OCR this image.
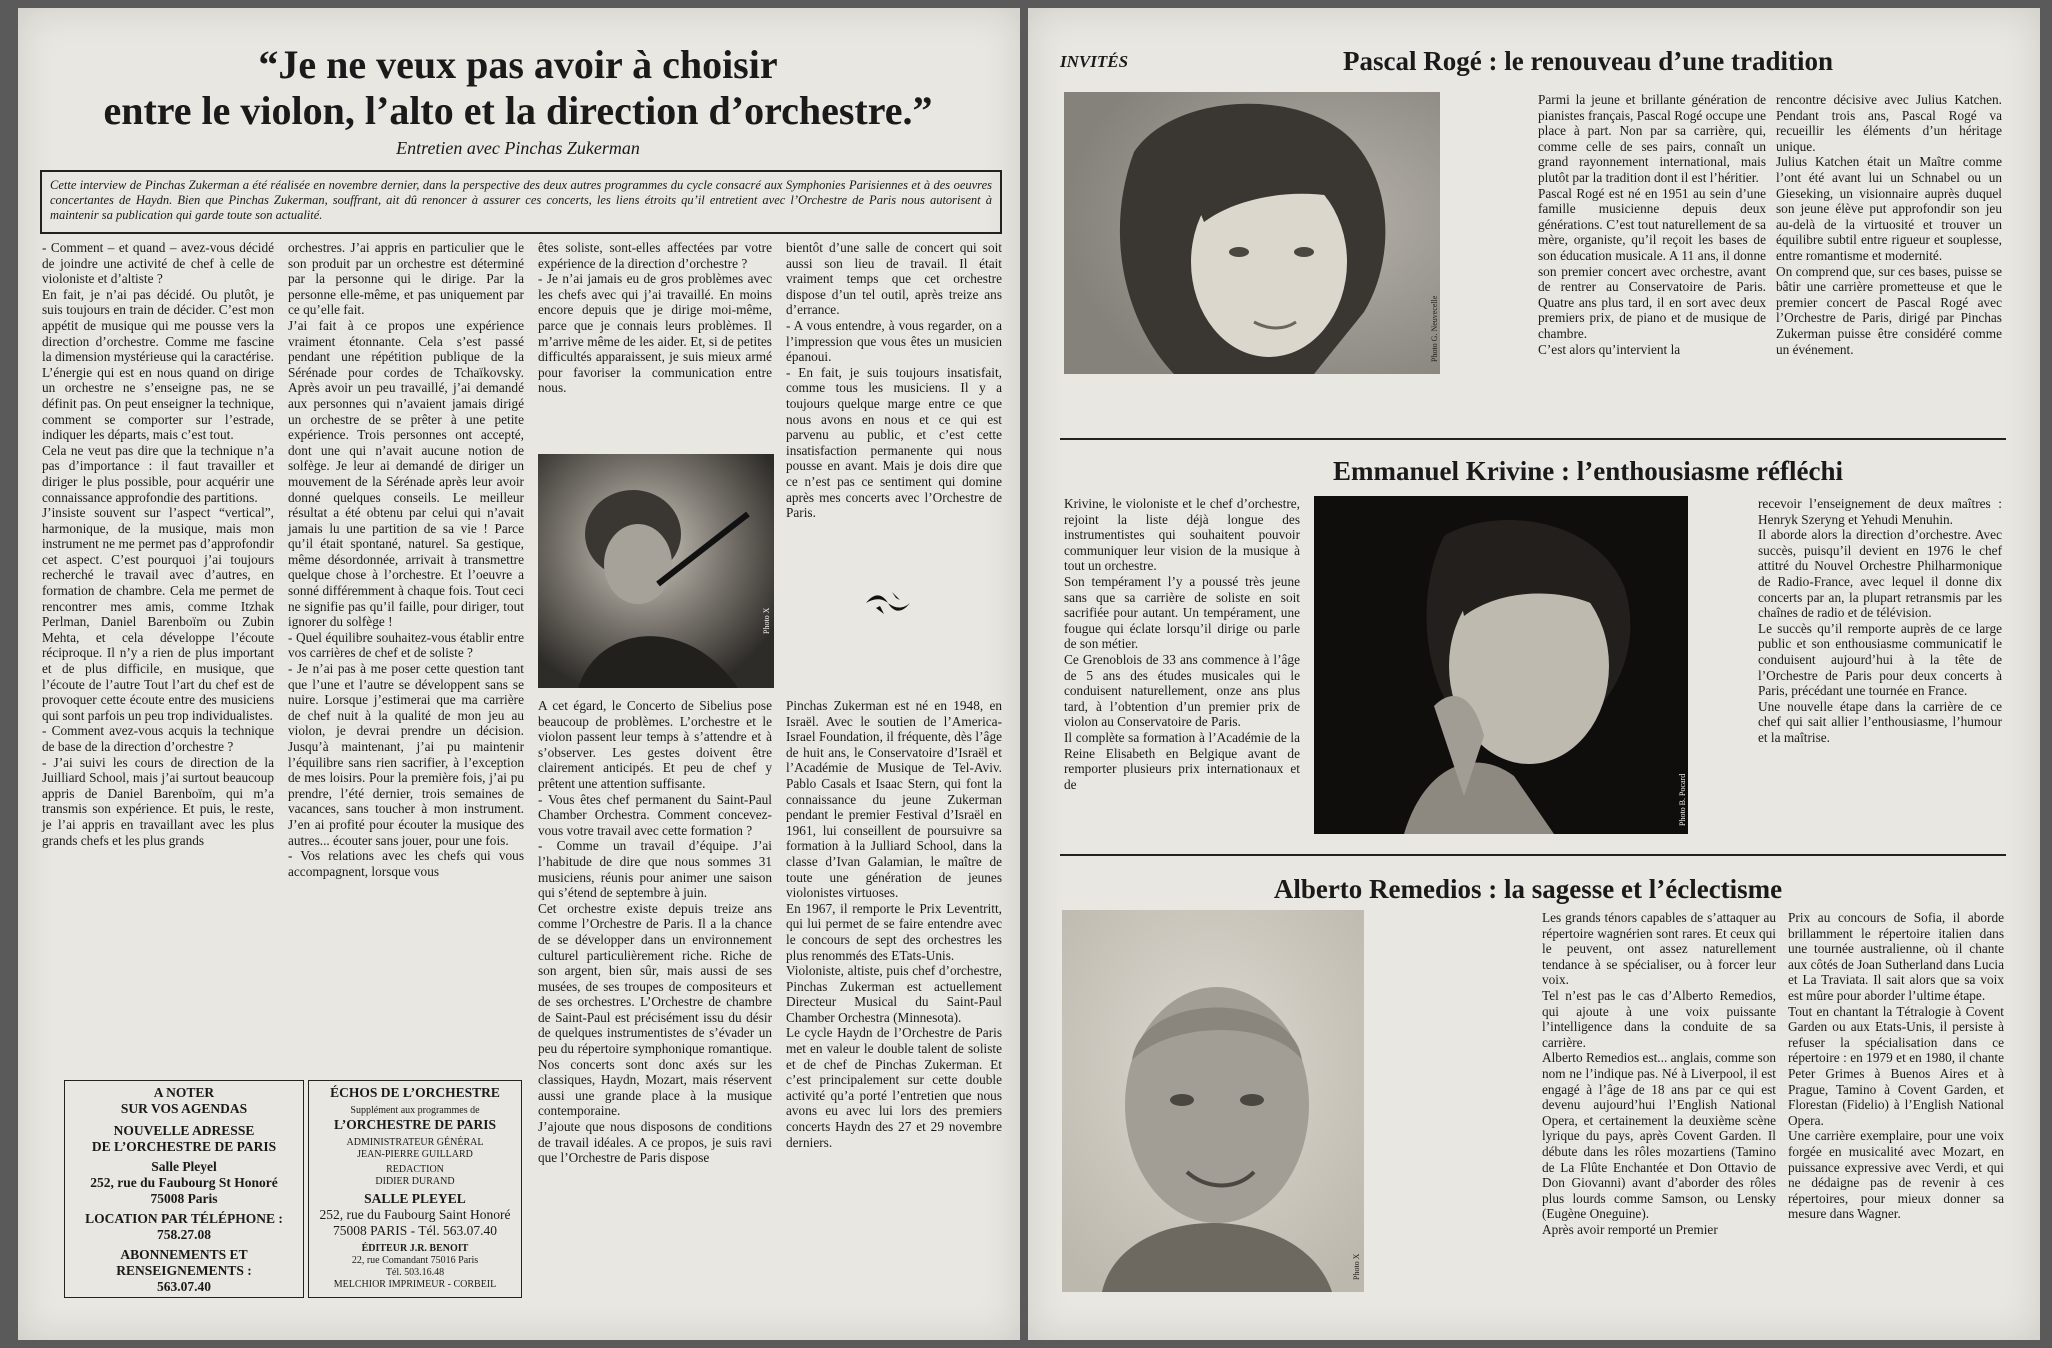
“Je ne veux pas avoir à choisir
entre le violon, l’alto et la direction d’orchestre.”
Entretien avec Pinchas Zukerman
Cette interview de Pinchas Zukerman a été réalisée en novembre dernier, dans la perspective des deux autres programmes du cycle consacré aux Symphonies Parisiennes et à des oeuvres concertantes de Haydn. Bien que Pinchas Zukerman, souffrant, ait dû renoncer à assurer ces concerts, les liens étroits qu’il entretient avec l’Orchestre de Paris nous autorisent à maintenir sa publication qui garde toute son actualité.

- Comment – et quand – avez-vous décidé de joindre une activité de chef à celle de violoniste et d’altiste ?

En fait, je n’ai pas décidé. Ou plutôt, je suis toujours en train de décider. C’est mon appétit de musique qui me pousse vers la direction d’orchestre. Comme me fascine la dimension mystérieuse qui la caractérise. L’énergie qui est en nous quand on dirige un orchestre ne s’enseigne pas, ne se définit pas. On peut enseigner la technique, comment se comporter sur l’estrade, indiquer les départs, mais c’est tout.

Cela ne veut pas dire que la technique n’a pas d’importance : il faut travailler et diriger le plus possible, pour acquérir une connaissance approfondie des partitions.

J’insiste souvent sur l’aspect “vertical”, harmonique, de la musique, mais mon instrument ne me permet pas d’approfondir cet aspect. C’est pourquoi j’ai toujours recherché le travail avec d’autres, en formation de chambre. Cela me permet de rencontrer mes amis, comme Itzhak Perlman, Daniel Barenboïm ou Zubin Mehta, et cela développe l’écoute réciproque. Il n’y a rien de plus important et de plus difficile, en musique, que l’écoute de l’autre Tout l’art du chef est de provoquer cette écoute entre des musiciens qui sont parfois un peu trop individualistes.

- Comment avez-vous acquis la technique de base de la direction d’orchestre ?

- J’ai suivi les cours de direction de la Juilliard School, mais j’ai surtout beaucoup appris de Daniel Barenboïm, qui m’a transmis son expérience. Et puis, le reste, je l’ai appris en travaillant avec les plus grands chefs et les plus grands

orchestres. J’ai appris en particulier que le son produit par un orchestre est déterminé par la personne qui le dirige. Par la personne elle-même, et pas uniquement par ce qu’elle fait.

J’ai fait à ce propos une expérience vraiment étonnante. Cela s’est passé pendant une répétition publique de la Sérénade pour cordes de Tchaïkovsky. Après avoir un peu travaillé, j’ai demandé aux personnes qui n’avaient jamais dirigé un orchestre de se prêter à une petite expérience. Trois personnes ont accepté, dont une qui n’avait aucune notion de solfège. Je leur ai demandé de diriger un mouvement de la Sérénade après leur avoir donné quelques conseils. Le meilleur résultat a été obtenu par celui qui n’avait jamais lu une partition de sa vie ! Parce qu’il était spontané, naturel. Sa gestique, même désordonnée, arrivait à transmettre quelque chose à l’orchestre. Et l’oeuvre a sonné différemment à chaque fois. Tout ceci ne signifie pas qu’il faille, pour diriger, tout ignorer du solfège !

- Quel équilibre souhaitez-vous établir entre vos carrières de chef et de soliste ?

- Je n’ai pas à me poser cette question tant que l’une et l’autre se développent sans se nuire. Lorsque j’estimerai que ma carrière de chef nuit à la qualité de mon jeu au violon, je devrai prendre un décision. Jusqu’à maintenant, j’ai pu maintenir l’équilibre sans rien sacrifier, à l’exception de mes loisirs. Pour la première fois, j’ai pu prendre, l’été dernier, trois semaines de vacances, sans toucher à mon instrument. J’en ai profité pour écouter la musique des autres... écouter sans jouer, pour une fois.

- Vos relations avec les chefs qui vous accompagnent, lorsque vous

êtes soliste, sont-elles affectées par votre expérience de la direction d’orchestre ?

- Je n’ai jamais eu de gros problèmes avec les chefs avec qui j’ai travaillé. En moins encore depuis que je dirige moi-même, parce que je connais leurs problèmes. Il m’arrive même de les aider. Et, si de petites difficultés apparaissent, je suis mieux armé pour favoriser la communication entre nous.

Photo X

A cet égard, le Concerto de Sibelius pose beaucoup de problèmes. L’orchestre et le violon passent leur temps à s’attendre et à s’observer. Les gestes doivent être clairement anticipés. Et peu de chef y prêtent une attention suffisante.

- Vous êtes chef permanent du Saint-Paul Chamber Orchestra. Comment concevez-vous votre travail avec cette formation ?

- Comme un travail d’équipe. J’ai l’habitude de dire que nous sommes 31 musiciens, réunis pour animer une saison qui s’étend de septembre à juin.

Cet orchestre existe depuis treize ans comme l’Orchestre de Paris. Il a la chance de se développer dans un environnement culturel particulièrement riche. Riche de son argent, bien sûr, mais aussi de ses musées, de ses troupes de compositeurs et de ses orchestres. L’Orchestre de chambre de Saint-Paul est précisément issu du désir de quelques instrumentistes de s’évader un peu du répertoire symphonique romantique. Nos concerts sont donc axés sur les classiques, Haydn, Mozart, mais réservent aussi une grande place à la musique contemporaine.

J’ajoute que nous disposons de conditions de travail idéales. A ce propos, je suis ravi que l’Orchestre de Paris dispose

bientôt d’une salle de concert qui soit aussi son lieu de travail. Il était vraiment temps que cet orchestre dispose d’un tel outil, après treize ans d’errance.

- A vous entendre, à vous regarder, on a l’impression que vous êtes un musicien épanoui.

- En fait, je suis toujours insatisfait, comme tous les musiciens. Il y a toujours quelque marge entre ce que nous avons en nous et ce qui est parvenu au public, et c’est cette insatisfaction permanente qui nous pousse en avant. Mais je dois dire que ce n’est pas ce sentiment qui domine après mes concerts avec l’Orchestre de Paris.

Pinchas Zukerman est né en 1948, en Israël. Avec le soutien de l’America-Israel Foundation, il fréquente, dès l’âge de huit ans, le Conservatoire d’Israël et l’Académie de Musique de Tel-Aviv. Pablo Casals et Isaac Stern, qui font la connaissance du jeune Zukerman pendant le premier Festival d’Israël en 1961, lui conseillent de poursuivre sa formation à la Julliard School, dans la classe d’Ivan Galamian, le maître de toute une génération de jeunes violonistes virtuoses.

En 1967, il remporte le Prix Leventritt, qui lui permet de se faire entendre avec le concours de sept des orchestres les plus renommés des ETats-Unis.

Violoniste, altiste, puis chef d’orchestre, Pinchas Zukerman est actuellement Directeur Musical du Saint-Paul Chamber Orchestra (Minnesota).

Le cycle Haydn de l’Orchestre de Paris met en valeur le double talent de soliste et de chef de Pinchas Zukerman. Et c’est principalement sur cette double activité qu’a porté l’entretien que nous avons eu avec lui lors des premiers concerts Haydn des 27 et 29 novembre derniers.

A NOTER
SUR VOS AGENDAS
NOUVELLE ADRESSE
DE L’ORCHESTRE DE PARIS
Salle Pleyel
252, rue du Faubourg St Honoré
75008 Paris
LOCATION PAR TÉLÉPHONE :
758.27.08
ABONNEMENTS ET
RENSEIGNEMENTS :
563.07.40
ÉCHOS DE L’ORCHESTRE
Supplément aux programmes de
L’ORCHESTRE DE PARIS
ADMINISTRATEUR GÉNÉRAL
JEAN-PIERRE GUILLARD
REDACTION
DIDIER DURAND
SALLE PLEYEL
252, rue du Faubourg Saint Honoré
75008 PARIS - Tél. 563.07.40
ÉDITEUR J.R. BENOIT
22, rue Comandant 75016 Paris
Tél. 503.16.48
MELCHIOR IMPRIMEUR - CORBEIL
INVITÉS	Pascal Rogé : le renouveau d’une tradition
Photo G. Neuvecelle

Parmi la jeune et brillante génération de pianistes français, Pascal Rogé occupe une place à part. Non par sa carrière, qui, comme celle de ses pairs, connaît un grand rayonnement international, mais plutôt par la tradition dont il est l’héritier.

Pascal Rogé est né en 1951 au sein d’une famille musicienne depuis deux générations. C’est tout naturellement de sa mère, organiste, qu’il reçoit les bases de son éducation musicale. A 11 ans, il donne son premier concert avec orchestre, avant de rentrer au Conservatoire de Paris. Quatre ans plus tard, il en sort avec deux premiers prix, de piano et de musique de chambre.

C’est alors qu’intervient la

rencontre décisive avec Julius Katchen. Pendant trois ans, Pascal Rogé va recueillir les éléments d’un héritage unique.

Julius Katchen était un Maître comme l’ont été avant lui un Schnabel ou un Gieseking, un visionnaire auprès duquel son jeune élève put approfondir son jeu au-delà de la virtuosité et trouver un équilibre subtil entre rigueur et souplesse, entre romantisme et modernité.

On comprend que, sur ces bases, puisse se bâtir une carrière prometteuse et que le premier concert de Pascal Rogé avec l’Orchestre de Paris, dirigé par Pinchas Zukerman puisse être considéré comme un événement.

Emmanuel Krivine : l’enthousiasme réfléchi

Krivine, le violoniste et le chef d’orchestre, rejoint la liste déjà longue des instrumentistes qui souhaitent pouvoir communiquer leur vision de la musique à tout un orchestre.

Son tempérament l’y a poussé très jeune sans que sa carrière de soliste en soit sacrifiée pour autant. Un tempérament, une fougue qui éclate lorsqu’il dirige ou parle de son métier.

Ce Grenoblois de 33 ans commence à l’âge de 5 ans des études musicales qui le conduisent naturellement, onze ans plus tard, à l’obtention d’un premier prix de violon au Conservatoire de Paris.

Il complète sa formation à l’Académie de la Reine Elisabeth en Belgique avant de remporter plusieurs prix internationaux et de	Photo B. Pocard

recevoir l’enseignement de deux maîtres : Henryk Szeryng et Yehudi Menuhin.

Il aborde alors la direction d’orchestre. Avec succès, puisqu’il devient en 1976 le chef attitré du Nouvel Orchestre Philharmonique de Radio-France, avec lequel il donne dix concerts par an, la plupart retransmis par les chaînes de radio et de télévision.

Le succès qu’il remporte auprès de ce large public et son enthousiasme communicatif le conduisent aujourd’hui à la tête de l’Orchestre de Paris pour deux concerts à Paris, précédant une tournée en France.

Une nouvelle étape dans la carrière de ce chef qui sait allier l’enthousiasme, l’humour et la maîtrise.

Alberto Remedios : la sagesse et l’éclectisme
Photo X

Les grands ténors capables de s’attaquer au répertoire wagnérien sont rares. Et ceux qui le peuvent, ont assez naturellement tendance à se spécialiser, ou à forcer leur voix.

Tel n’est pas le cas d’Alberto Remedios, qui ajoute à une voix puissante l’intelligence dans la conduite de sa carrière.

Alberto Remedios est... anglais, comme son nom ne l’indique pas. Né à Liverpool, il est engagé à l’âge de 18 ans par ce qui est devenu aujourd’hui l’English National Opera, et certainement la deuxième scène lyrique du pays, après Covent Garden. Il débute dans les rôles mozartiens (Tamino de La Flûte Enchantée et Don Ottavio de Don Giovanni) avant d’aborder des rôles plus lourds comme Samson, ou Lensky (Eugène Oneguine).

Après avoir remporté un Premier

Prix au concours de Sofia, il aborde brillamment le répertoire italien dans une tournée australienne, où il chante aux côtés de Joan Sutherland dans Lucia et La Traviata. Il sait alors que sa voix est mûre pour aborder l’ultime étape.

Tout en chantant la Tétralogie à Covent Garden ou aux Etats-Unis, il persiste à refuser la spécialisation dans ce répertoire : en 1979 et en 1980, il chante Peter Grimes à Buenos Aires et à Prague, Tamino à Covent Garden, et Florestan (Fidelio) à l’English National Opera.

Une carrière exemplaire, pour une voix forgée en musicalité avec Mozart, en puissance expressive avec Verdi, et qui ne dédaigne pas de revenir à ces répertoires, pour mieux donner sa mesure dans Wagner.
